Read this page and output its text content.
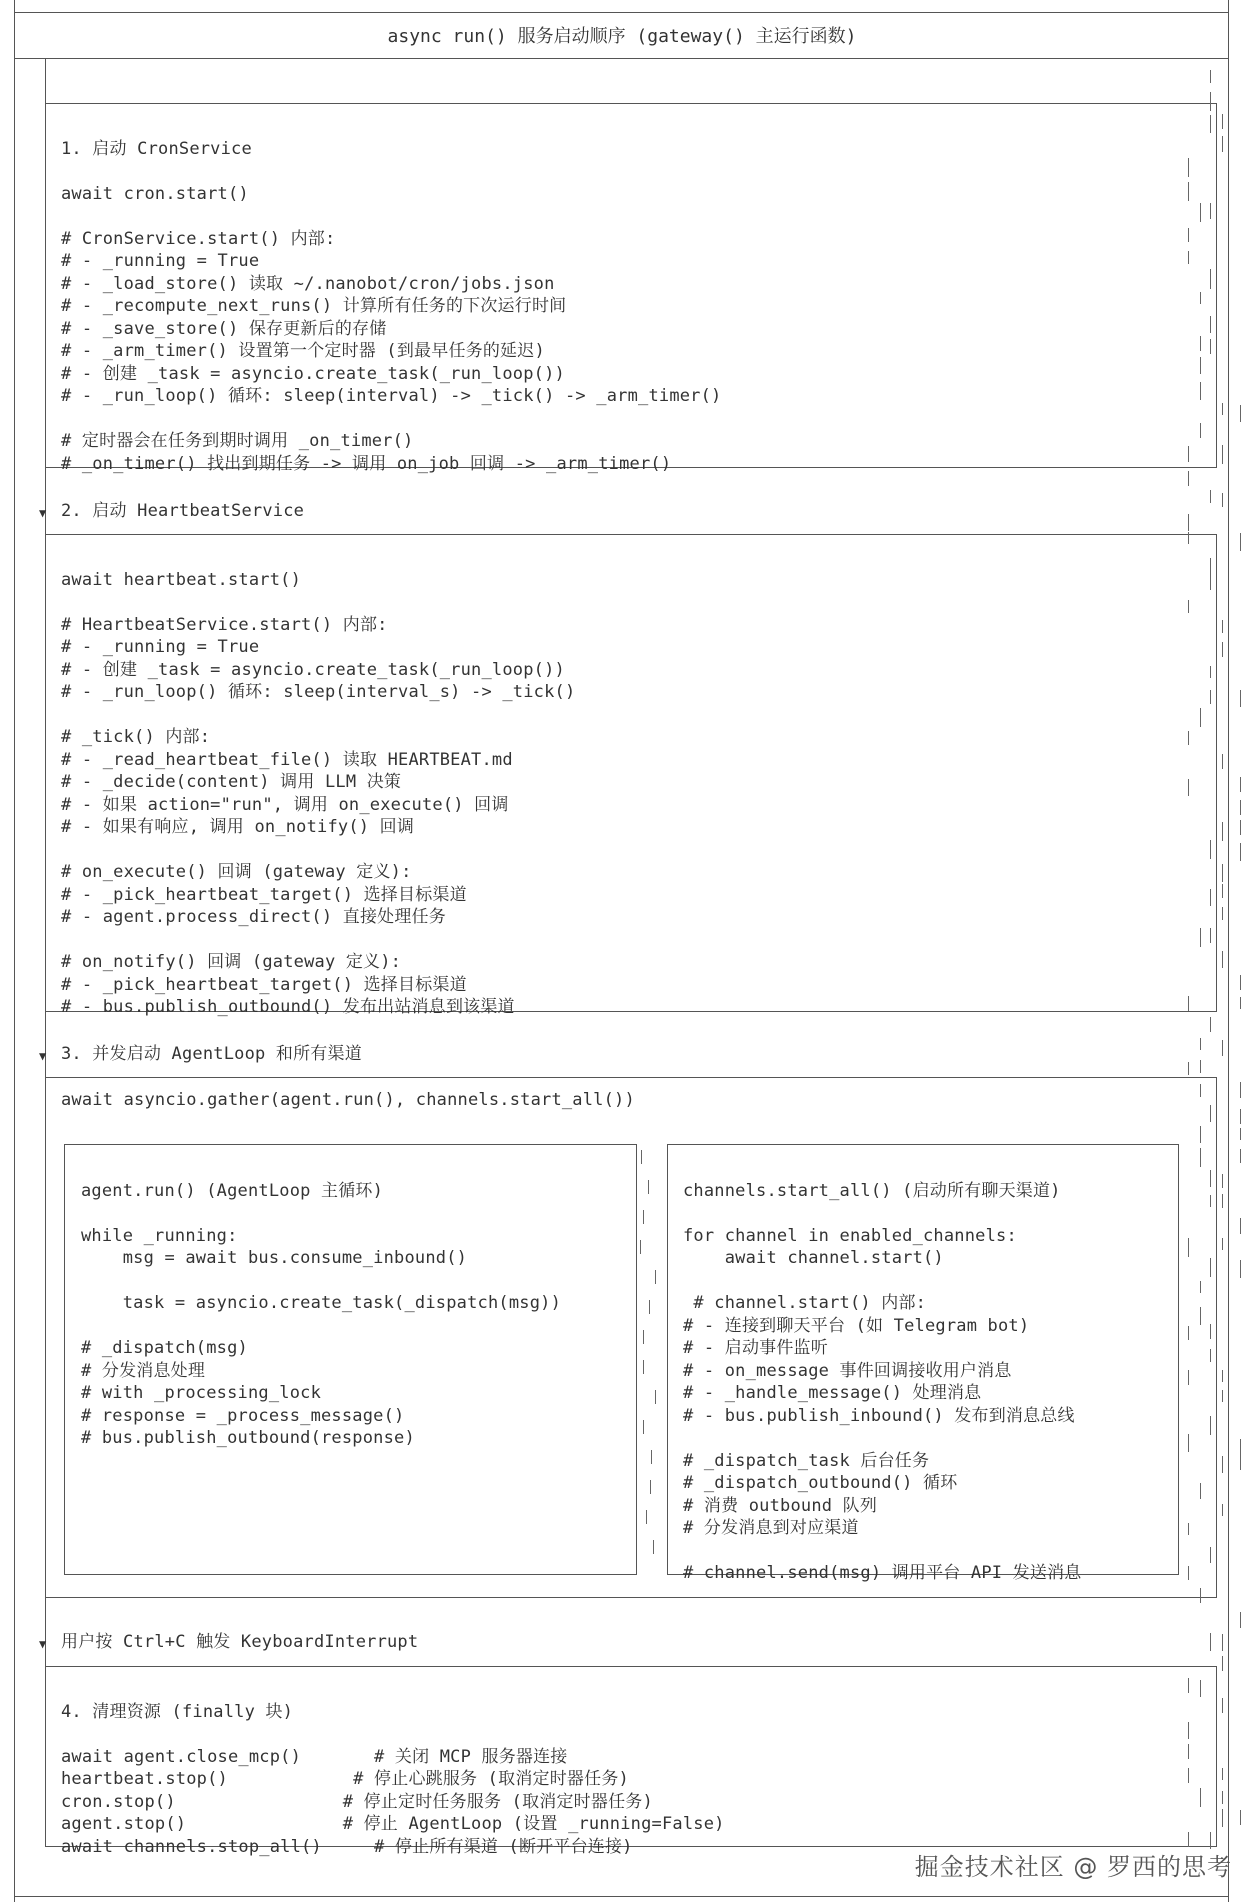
async run() 服务启动顺序 (gateway() 主运行函数)
▼
▼
▼

1. 启动 CronService

await cron.start()

# CronService.start() 内部:
# - _running = True
# - _load_store() 读取 ~/.nanobot/cron/jobs.json
# - _recompute_next_runs() 计算所有任务的下次运行时间
# - _save_store() 保存更新后的存储
# - _arm_timer() 设置第一个定时器 (到最早任务的延迟)
# - 创建 _task = asyncio.create_task(_run_loop())
# - _run_loop() 循环: sleep(interval) -> _tick() -> _arm_timer()

# 定时器会在任务到期时调用 _on_timer()
# _on_timer() 找出到期任务 -> 调用 on_job 回调 -> _arm_timer()

2. 启动 HeartbeatService

await heartbeat.start()

# HeartbeatService.start() 内部:
# - _running = True
# - 创建 _task = asyncio.create_task(_run_loop())
# - _run_loop() 循环: sleep(interval_s) -> _tick()

# _tick() 内部:
# - _read_heartbeat_file() 读取 HEARTBEAT.md
# - _decide(content) 调用 LLM 决策
# - 如果 action="run", 调用 on_execute() 回调
# - 如果有响应, 调用 on_notify() 回调

# on_execute() 回调 (gateway 定义):
# - _pick_heartbeat_target() 选择目标渠道
# - agent.process_direct() 直接处理任务

# on_notify() 回调 (gateway 定义):
# - _pick_heartbeat_target() 选择目标渠道
# - bus.publish_outbound() 发布出站消息到该渠道

3. 并发启动 AgentLoop 和所有渠道
await asyncio.gather(agent.run(), channels.start_all())

agent.run() (AgentLoop 主循环)

while _running:
msg = await bus.consume_inbound()

task = asyncio.create_task(_dispatch(msg))

# _dispatch(msg)
# 分发消息处理
# with _processing_lock
# response = _process_message()
# bus.publish_outbound(response)

channels.start_all() (启动所有聊天渠道)

for channel in enabled_channels:
await channel.start()

# channel.start() 内部:
# - 连接到聊天平台 (如 Telegram bot)
# - 启动事件监听
# - on_message 事件回调接收用户消息
# - _handle_message() 处理消息
# - bus.publish_inbound() 发布到消息总线

# _dispatch_task 后台任务
# _dispatch_outbound() 循环
# 消费 outbound 队列
# 分发消息到对应渠道

# channel.send(msg) 调用平台 API 发送消息

用户按 Ctrl+C 触发 KeyboardInterrupt

4. 清理资源 (finally 块)

await agent.close_mcp()       # 关闭 MCP 服务器连接
heartbeat.stop()            # 停止心跳服务 (取消定时器任务)
cron.stop()                # 停止定时任务服务 (取消定时器任务)
agent.stop()               # 停止 AgentLoop (设置 _running=False)
await channels.stop_all()     # 停止所有渠道 (断开平台连接)

掘金技术社区 @ 罗西的思考
